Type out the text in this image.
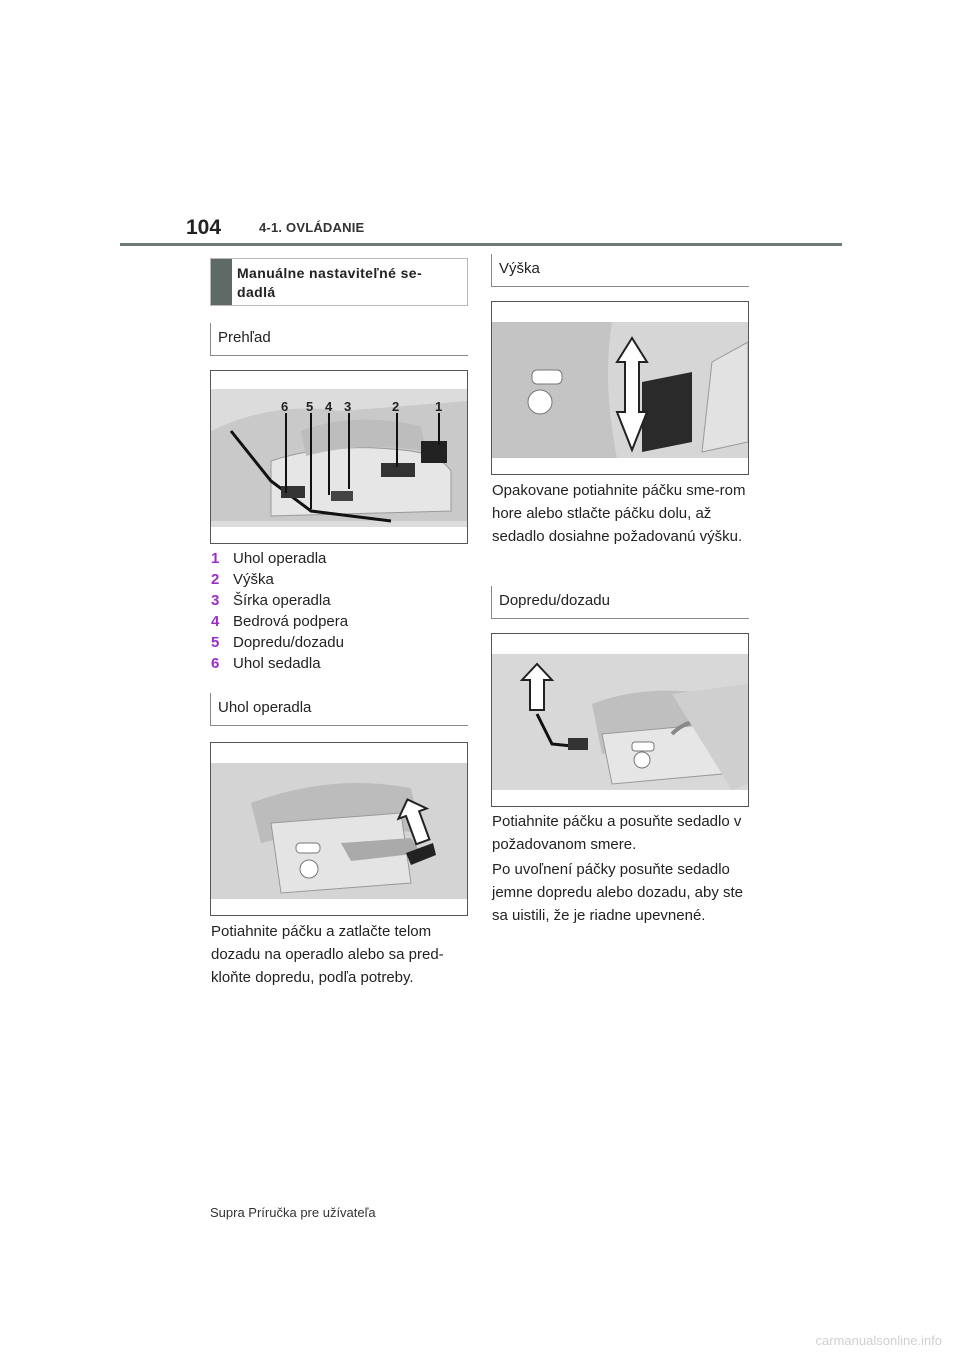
104	4-1. OVLÁDANIE
Manuálne nastaviteľné se-
dadlá
Prehľad
6 5 4 3	2	1
1 Uhol operadla
2 Výška
3 Šírka operadla
4 Bedrová podpera
5 Dopredu/dozadu
6 Uhol sedadla
Uhol operadla
Potiahnite páčku a zatlačte telom dozadu na operadlo alebo sa pred-kloňte dopredu, podľa potreby.
Výška
Opakovane potiahnite páčku sme-rom hore alebo stlačte páčku dolu, až sedadlo dosiahne požadovanú výšku.
Dopredu/dozadu
Potiahnite páčku a posuňte sedadlo v požadovanom smere.
Po uvoľnení páčky posuňte sedadlo jemne dopredu alebo dozadu, aby ste sa uistili, že je riadne upevnené.
Supra Príručka pre užívateľa
carmanualsonline.info
